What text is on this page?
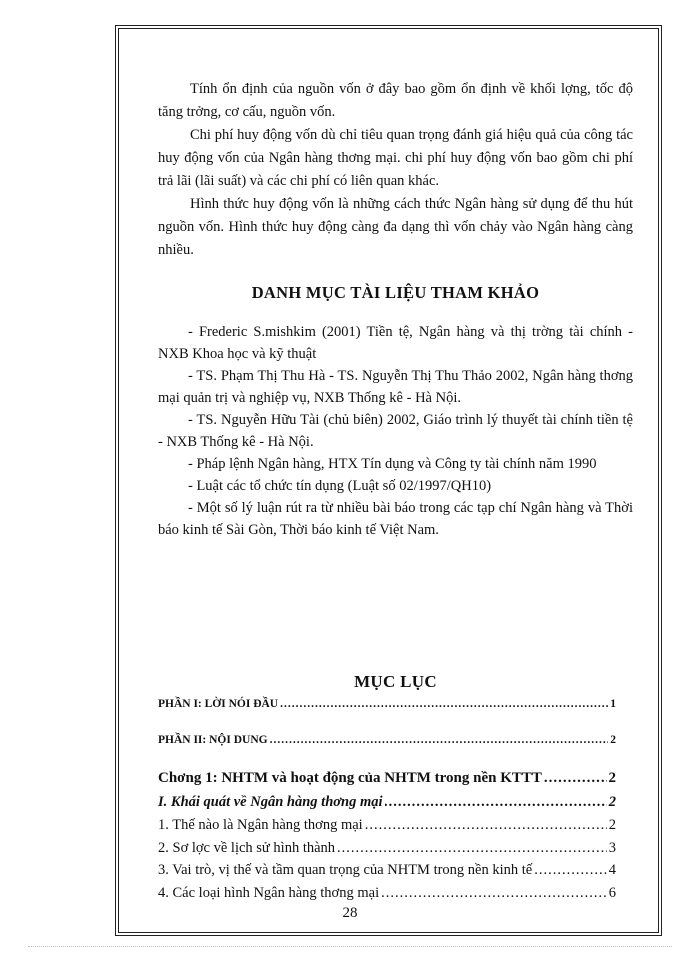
Tính ổn định của nguồn vốn ở đây bao gồm ổn định về khối lợng, tốc độ tăng trởng, cơ cấu, nguồn vốn.

Chi phí huy động vốn dù chỉ tiêu quan trọng đánh giá hiệu quả của công tác huy động vốn của Ngân hàng thơng mại. chi phí huy động vốn bao gồm chi phí trả lãi (lãi suất) và các chi phí có liên quan khác.

Hình thức huy động vốn là những cách thức Ngân hàng sử dụng để thu hút nguồn vốn. Hình thức huy động càng đa dạng thì vốn chảy vào Ngân hàng càng nhiều.

DANH MỤC TÀI LIỆU THAM KHẢO

- Frederic S.mishkim (2001) Tiền tệ, Ngân hàng và thị trờng tài chính - NXB Khoa học và kỹ thuật

- TS. Phạm Thị Thu Hà - TS. Nguyễn Thị Thu Thảo 2002, Ngân hàng thơng mại quản trị và nghiệp vụ, NXB Thống kê - Hà Nội.

- TS. Nguyễn Hữu Tài (chủ biên) 2002, Giáo trình lý thuyết tài chính tiền tệ - NXB Thống kê - Hà Nội.

- Pháp lệnh Ngân hàng, HTX Tín dụng và Công ty tài chính năm 1990

- Luật các tổ chức tín dụng (Luật số 02/1997/QH10)

- Một số lý luận rút ra từ nhiều bài báo trong các tạp chí Ngân hàng và Thời báo kinh tế Sài Gòn, Thời báo kinh tế Việt Nam.

MỤC LỤC

PHẦN I: LỜI NÓI ĐẦU .....	1
PHẦN II: NỘI DUNG .....	2
Chơng 1: NHTM và hoạt động của NHTM trong nền KTTT .....	2
I. Khái quát về Ngân hàng thơng mại .....	2
1. Thế nào là Ngân hàng thơng mại .....	2
2. Sơ lợc về lịch sử hình thành .....	3
3. Vai trò, vị thế và tầm quan trọng của NHTM trong nền kinh tế .....	4
4. Các loại hình Ngân hàng thơng mại .....	6
28
